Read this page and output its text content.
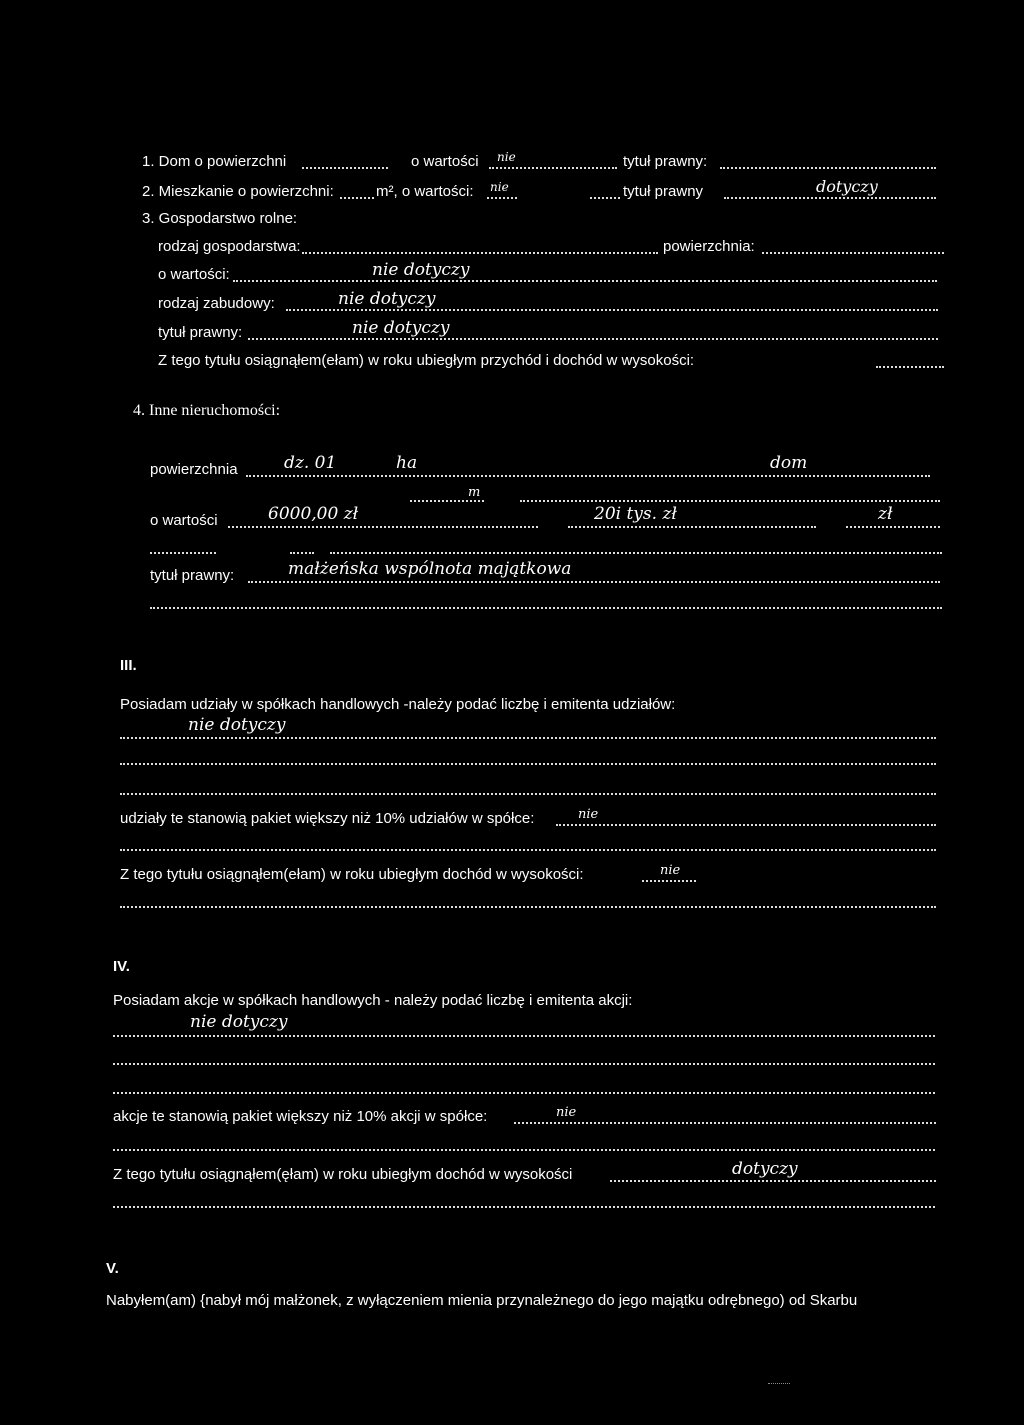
1. Dom o powierzchni	o wartości nie	tytuł prawny:
2. Mieszkanie o powierzchni:	m², o wartości: nie	tytuł prawny	dotyczy
3. Gospodarstwo rolne:
rodzaj gospodarstwa:	powierzchnia:
o wartości:	nie dotyczy
rodzaj zabudowy:	nie dotyczy
tytuł prawny:	nie dotyczy
Z tego tytułu osiągnąłem(ełam) w roku ubiegłym przychód i dochód w wysokości:
4. Inne nieruchomości:
powierzchnia	dz. 01	ha	dom
m
o wartości	6000,00 zł	20i tys. zł	zł
tytuł prawny:	małżeńska wspólnota majątkowa
III.
Posiadam udziały w spółkach handlowych -należy podać liczbę i emitenta udziałów:
nie dotyczy
udziały te stanowią pakiet większy niż 10% udziałów w spółce:	nie
Z tego tytułu osiągnąłem(ełam) w roku ubiegłym dochód w wysokości:	nie
IV.
Posiadam akcje w spółkach handlowych - należy podać liczbę i emitenta akcji:
nie dotyczy
akcje te stanowią pakiet większy niż 10% akcji w spółce:	nie
Z tego tytułu osiągnąłem(ęłam) w roku ubiegłym dochód w wysokości	dotyczy
V.
Nabyłem(am) {nabył mój małżonek, z wyłączeniem mienia przynależnego do jego majątku odrębnego) od Skarbu
